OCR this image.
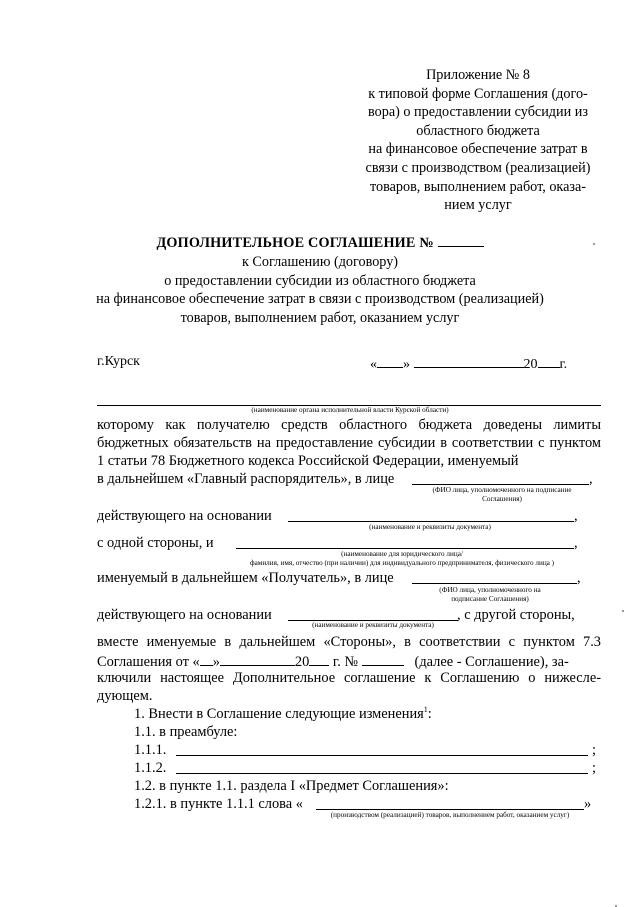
Приложение № 8
к типовой форме Соглашения (дого-
вора) о предоставлении субсидии из
областного бюджета
на финансовое обеспечение затрат в
связи с производством (реализацией)
товаров, выполнением работ, оказа-
нием услуг
ДОПОЛНИТЕЛЬНОЕ СОГЛАШЕНИЕ №
к Соглашению (договору)
о предоставлении субсидии из областного бюджета
на финансовое обеспечение затрат в связи с производством (реализацией)
товаров, выполнением работ, оказанием услуг
г.Курск	« »	20 г.
(наименование органа исполнительной власти Курской области)
которому как получателю средств областного бюджета доведены лимиты бюджетных обязательств на предоставление субсидии в соответствии с пунктом 1 статьи 78 Бюджетного кодекса Российской Федерации, именуемый
в дальнейшем «Главный распорядитель», в лице	,
(ФИО лица, уполномоченного на подписание
Соглашения)
действующего на основании	,
(наименование и реквизиты документа)
с одной стороны, и	,
(наименование для юридического лица/
фамилия, имя, отчество (при наличии) для индивидуального предпринимателя, физического лица )
именуемый в дальнейшем «Получатель», в лице	,
(ФИО лица, уполномоченного на
подписание Соглашения)
действующего на основании	, с другой стороны,
(наименование и реквизиты документа)
вместе именуемые в дальнейшем «Стороны», в соответствии с пунктом 7.3
Соглашения от « »	20 г. №	(далее - Соглашение), за-
ключили настоящее Дополнительное соглашение к Соглашению о нижесле-
дующем.
1. Внести в Соглашение следующие изменения$^1$:
1.1. в преамбуле:
1.1.1.	;
1.1.2.	;
1.2. в пункте 1.1. раздела I «Предмет Соглашения»:
1.2.1. в пункте 1.1.1 слова «	»
(производством (реализацией) товаров, выполнением работ, оказанием услуг)
